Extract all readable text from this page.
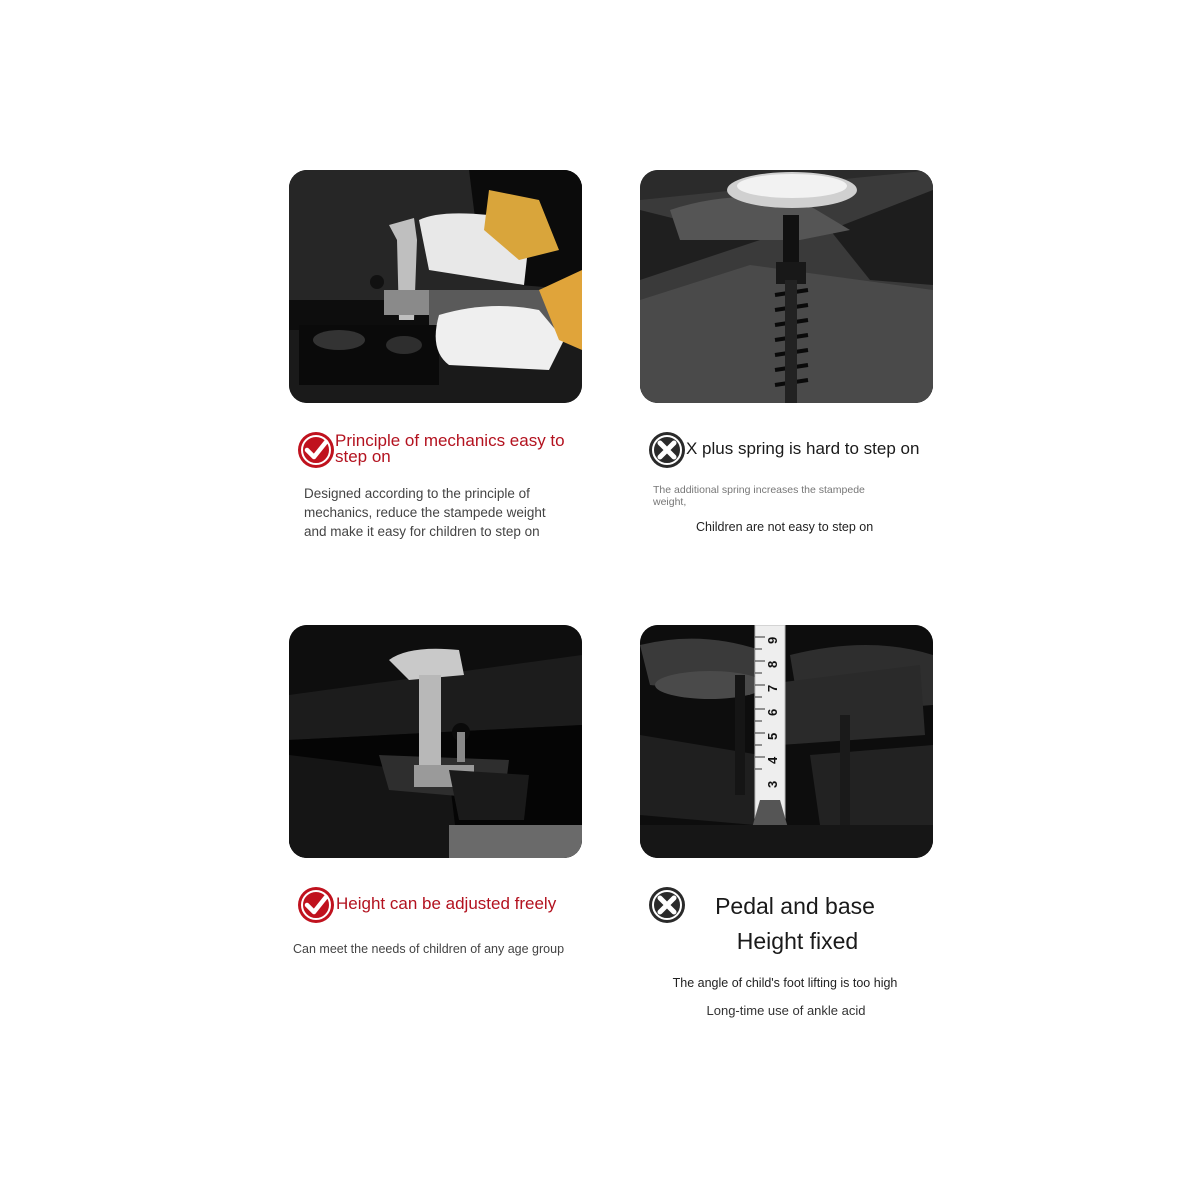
Principle of mechanics easy to step on
Designed according to the principle of mechanics, reduce the stampede weight and make it easy for children to step on
X plus spring is hard to step on
The additional spring increases the stampede weight,
Children are not easy to step on
Height can be adjusted freely
Can meet the needs of children of any age group
9
8
7
6
5
4
3
Pedal and base
Height fixed
The angle of child's foot lifting is too high
Long-time use of ankle acid
